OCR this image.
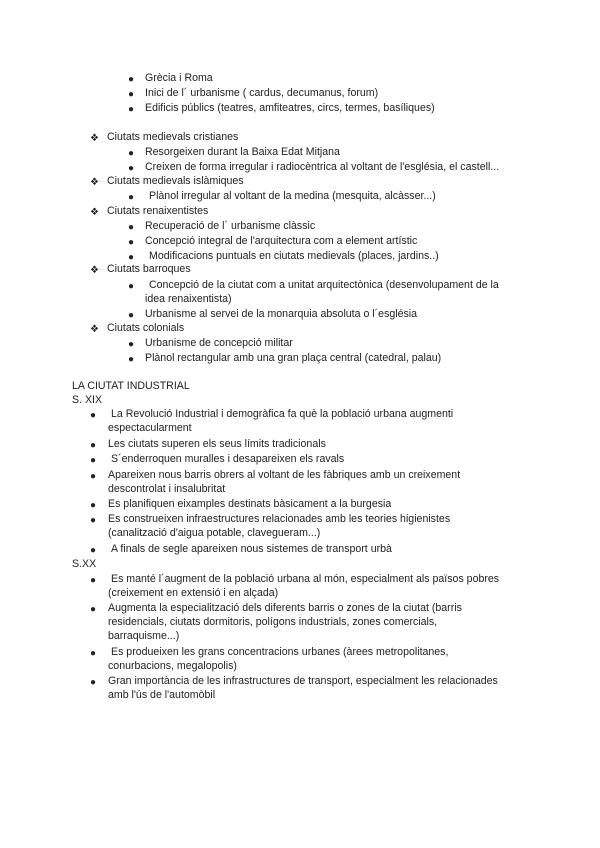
● Grècia i Roma
● Inici de l´ urbanisme ( cardus, decumanus, forum)
● Edificis públics (teatres, amfiteatres, circs, termes, basíliques)
❖ Ciutats medievals cristianes
● Resorgeixen durant la Baixa Edat Mitjana
● Creixen de forma irregular i radiocèntrica al voltant de l'església, el castell...
❖ Ciutats medievals islàmiques
● Plànol irregular al voltant de la medina (mesquita, alcàsser...)
❖ Ciutats renaixentistes
● Recuperació de l´ urbanisme clàssic
● Concepció integral de l'arquitectura com a element artístic
● Modificacions puntuals en ciutats medievals (places, jardins..)
❖ Ciutats barroques
● Concepció de la ciutat com a unitat arquitectònica (desenvolupament de la
idea renaixentista)
● Urbanisme al servei de la monarquia absoluta o l´església
❖ Ciutats colonials
● Urbanisme de concepció militar
● Plànol rectangular amb una gran plaça central (catedral, palau)
LA CIUTAT INDUSTRIAL
S. XIX
● La Revolució Industrial i demogràfica fa què la població urbana augmenti
espectacularment
● Les ciutats superen els seus límits tradicionals
● S´enderroquen muralles i desapareixen els ravals
● Apareixen nous barris obrers al voltant de les fàbriques amb un creixement
descontrolat i insalubritat
● Es planifiquen eixamples destinats bàsicament a la burgesia
● Es construeixen infraestructures relacionades amb les teories higienistes
(canalització d'aigua potable, clavegueram...)
● A finals de segle apareixen nous sistemes de transport urbà
S.XX
● Es manté l´augment de la població urbana al món, especialment als països pobres
(creixement en extensió i en alçada)
● Augmenta la especialització dels diferents barris o zones de la ciutat (barris
residencials, ciutats dormitoris, polígons industrials, zones comercials,
barraquisme...)
● Es produeixen les grans concentracions urbanes (àrees metropolitanes,
conurbacions, megalopolis)
● Gran importància de les infrastructures de transport, especialment les relacionades
amb l'ús de l'automòbil
